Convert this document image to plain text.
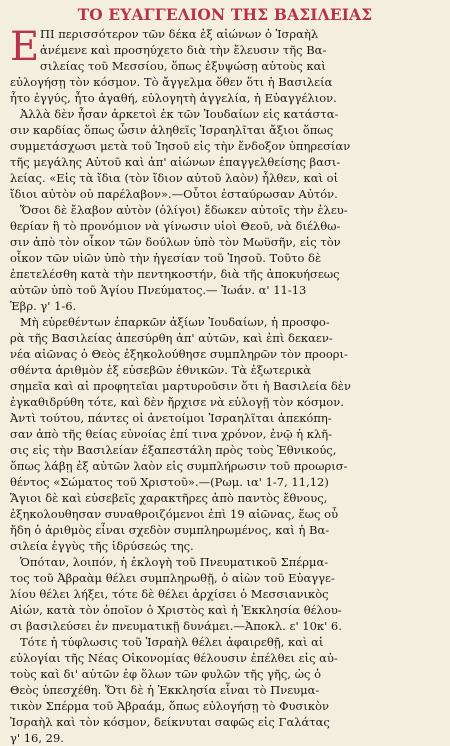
ΤΟ ΕΥΑΓΓΕΛΙΟΝ ΤΗΣ ΒΑΣΙΛΕΙΑΣ
Ε ΠΙ περισσότερον τῶν δέκα ἐξ αἰώνων ὁ Ἰσραὴλ
ἀνέμενε καὶ προσηύχετο διὰ τὴν ἔλευσιν τῆς Βα-
σιλείας τοῦ Μεσσίου, ὅπως ἐξυψώσῃ αὐτοὺς καὶ
εὐλογήσῃ τὸν κόσμον. Τὸ ἄγγελμα ὅθεν ὅτι ἡ Βασιλεία
ἦτο ἐγγύς, ἦτο ἀγαθή, εὐλογητὴ ἀγγελία, ἡ Εὐαγγέλιον.
Ἀλλὰ δὲν ἦσαν ἀρκετοὶ ἐκ τῶν Ἰουδαίων εἰς κατάστα-
σιν καρδίας ὅπως ὦσιν ἀληθεῖς Ἰσραηλῖται ἄξιοι ὅπως
συμμετάσχωσι μετὰ τοῦ Ἰησοῦ εἰς τὴν ἔνδοξον ὑπηρεσίαν
τῆς μεγάλης Αὐτοῦ καὶ ἀπ' αἰώνων ἐπαγγελθείσης βασι-
λείας. «Εἰς τὰ ἴδια (τὸν ἴδιον αὐτοῦ λαὸν) ἦλθεν, καὶ οἱ
ἴδιοι αὐτὸν οὐ παρέλαβον».—Οὗτοι ἐσταύρωσαν Αὐτόν.
Ὅσοι δὲ ἔλαβον αὐτὸν (ὀλίγοι) ἔδωκεν αὐτοῖς τὴν ἐλευ-
θερίαν ἢ τὸ προνόμιον νὰ γίνωσιν υἱοὶ Θεοῦ, νὰ διέλθω-
σιν ἀπὸ τὸν οἶκον τῶν δούλων ὑπὸ τὸν Μωϋσῆν, εἰς τὸν
οἶκον τῶν υἱῶν ὑπὸ τὴν ἡγεσίαν τοῦ Ἰησοῦ. Τοῦτο δὲ
ἐπετελέσθη κατὰ τὴν πεντηκοστήν, διὰ τῆς ἀποκυήσεως
αὐτῶν ὑπὸ τοῦ Ἁγίου Πνεύματος.— Ἰωάν. α' 11-13
Ἑβρ. γ' 1-6.
Μὴ εὑρεθέντων ἐπαρκῶν ἀξίων Ἰουδαίων, ἡ προσφο-
ρὰ τῆς Βασιλείας ἀπεσύρθη ἀπ' αὐτῶν, καὶ ἐπὶ δεκαεν-
νέα αἰῶνας ὁ Θεὸς ἐξηκολούθησε συμπληρῶν τὸν προορι-
σθέντα ἀριθμὸν ἐξ εὐσεβῶν ἐθνικῶν. Τὰ ἐξωτερικὰ
σημεῖα καὶ αἱ προφητεῖαι μαρτυροῦσιν ὅτι ἡ Βασιλεία δὲν
ἐγκαθιδρύθη τότε, καὶ δὲν ἤρχισε νὰ εὐλογῇ τὸν κόσμον.
Ἀντὶ τούτου, πάντες οἱ ἀνετοίμοι Ἰσραηλῖται ἀπεκόπη-
σαν ἀπὸ τῆς θείας εὐνοίας ἐπί τινα χρόνον, ἐνῷ ἡ κλῆ-
σις εἰς τὴν Βασιλείαν ἐξαπεστάλη πρὸς τοὺς Ἐθνικούς,
ὅπως λάβῃ ἐξ αὐτῶν λαὸν εἰς συμπλήρωσιν τοῦ προωρισ-
θέντος «Σώματος τοῦ Χριστοῦ».—(Ρωμ. ια' 1-7, 11,12)
Ἅγιοι δὲ καὶ εὐσεβεῖς χαρακτῆρες ἀπὸ παντὸς ἔθνους,
ἐξηκολουθησαν συναθροιζόμενοι ἐπὶ 19 αἰῶνας, ἕως οὗ
ἤδη ὁ ἀριθμὸς εἶναι σχεδὸν συμπληρωμένος, καὶ ἡ Βα-
σιλεία ἐγγὺς τῆς ἱδρύσεώς της.
Ὁπόταν, λοιπόν, ἡ ἐκλογὴ τοῦ Πνευματικοῦ Σπέρμα-
τος τοῦ Ἀβραὰμ θέλει συμπληρωθῇ, ὁ αἰὼν τοῦ Εὐαγγε-
λίου θέλει λήξει, τότε δὲ θέλει ἀρχίσει ὁ Μεσσιανικὸς
Αἰών, κατὰ τὸν ὁποῖον ὁ Χριστὸς καὶ ἡ Ἐκκλησία θέλου-
σι βασιλεύσει ἐν πνευματικῇ δυνάμει.—Ἀποκλ. ε' 10κ' 6.
Τότε ἡ τύφλωσις τοῦ Ἰσραὴλ θέλει ἀφαιρεθῇ, καὶ αἱ
εὐλογίαι τῆς Νέας Οἰκονομίας θέλουσιν ἐπέλθει εἰς αὐ-
τοὺς καὶ δι' αὐτῶν ἐφ ὅλων τῶν φυλῶν τῆς γῆς, ὡς ὁ
Θεὸς ὑπεσχέθη. Ὅτι δὲ ἡ Ἐκκλησία εἶναι τὸ Πνευμα-
τικὸν Σπέρμα τοῦ Ἀβραάμ, ὅπως εὐλογήσῃ τὸ Φυσικὸν
Ἰσραὴλ καὶ τὸν κόσμον, δείκνυται σαφῶς εἰς Γαλάτας
γ' 16, 29.
